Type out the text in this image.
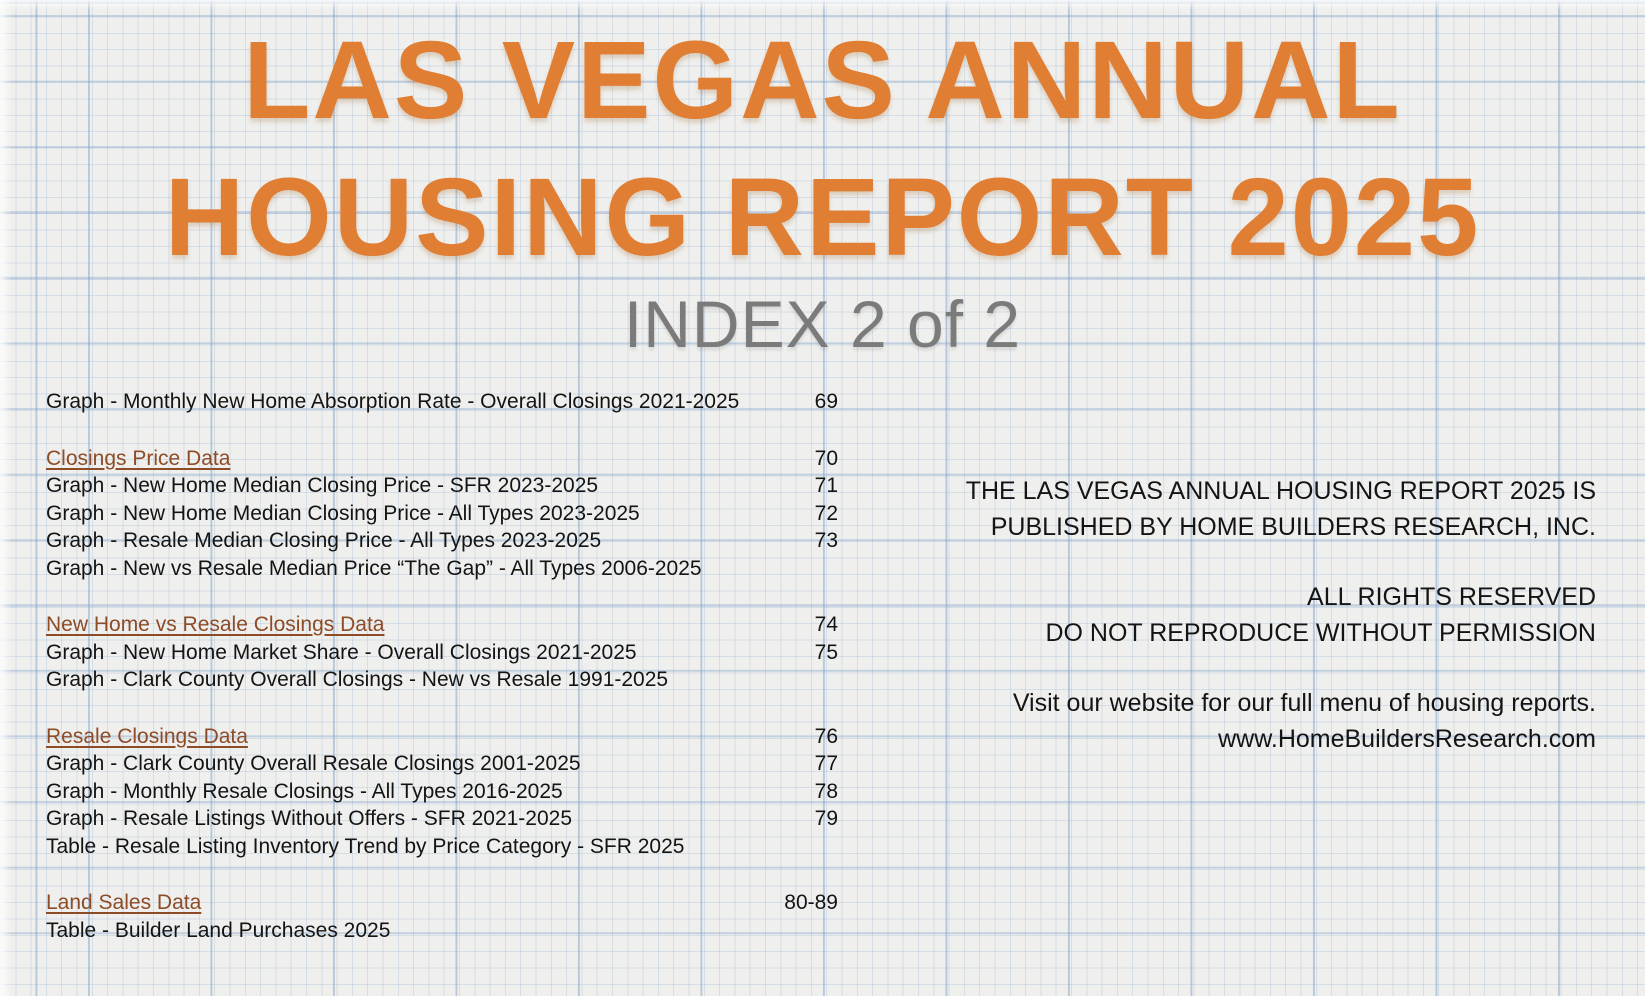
LAS VEGAS ANNUAL
HOUSING REPORT 2025
INDEX 2 of 2
Graph - Monthly New Home Absorption Rate - Overall Closings 2021-2025	69
Closings Price Data	70
Graph - New Home Median Closing Price - SFR 2023-2025	71
Graph - New Home Median Closing Price - All Types 2023-2025	72
Graph - Resale Median Closing Price - All Types 2023-2025	73
Graph - New vs Resale Median Price “The Gap” - All Types 2006-2025
New Home vs Resale Closings Data	74
Graph - New Home Market Share - Overall Closings 2021-2025	75
Graph - Clark County Overall Closings - New vs Resale 1991-2025
Resale Closings Data	76
Graph - Clark County Overall Resale Closings 2001-2025	77
Graph - Monthly Resale Closings - All Types 2016-2025	78
Graph - Resale Listings Without Offers - SFR 2021-2025	79
Table - Resale Listing Inventory Trend by Price Category - SFR 2025
Land Sales Data	80-89
Table - Builder Land Purchases 2025

THE LAS VEGAS ANNUAL HOUSING REPORT 2025 IS
PUBLISHED BY HOME BUILDERS RESEARCH, INC.

ALL RIGHTS RESERVED
DO NOT REPRODUCE WITHOUT PERMISSION

Visit our website for our full menu of housing reports.
www.HomeBuildersResearch.com
